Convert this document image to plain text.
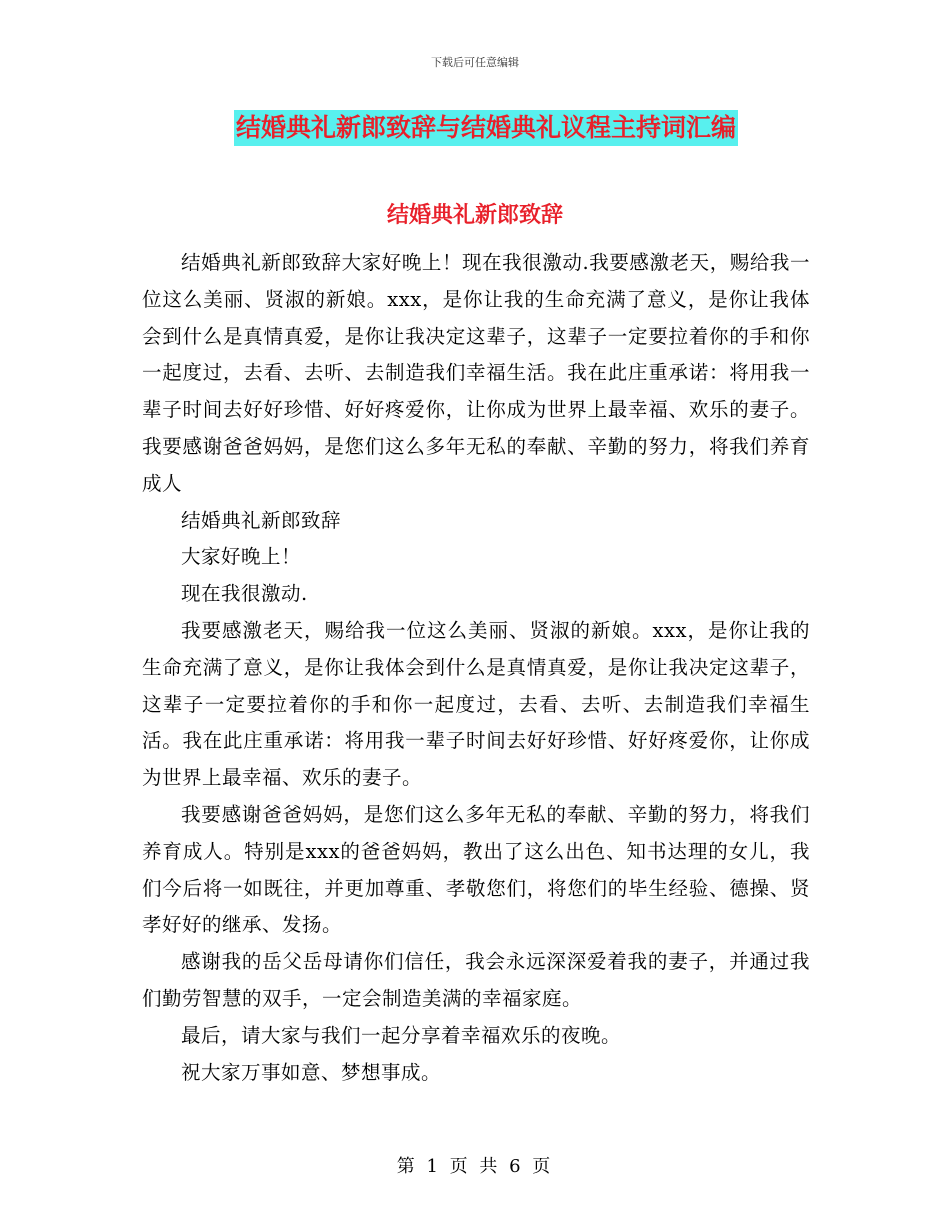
下载后可任意编辑
结婚典礼新郎致辞与结婚典礼议程主持词汇编
结婚典礼新郎致辞

结婚典礼新郎致辞大家好晚上！现在我很激动.我要感激老天，赐给我一位这么美丽、贤淑的新娘。xxx，是你让我的生命充满了意义，是你让我体会到什么是真情真爱，是你让我决定这辈子，这辈子一定要拉着你的手和你一起度过，去看、去听、去制造我们幸福生活。我在此庄重承诺：将用我一辈子时间去好好珍惜、好好疼爱你，让你成为世界上最幸福、欢乐的妻子。我要感谢爸爸妈妈，是您们这么多年无私的奉献、辛勤的努力，将我们养育成人

结婚典礼新郎致辞

大家好晚上！

现在我很激动.

我要感激老天，赐给我一位这么美丽、贤淑的新娘。xxx，是你让我的生命充满了意义，是你让我体会到什么是真情真爱，是你让我决定这辈子，这辈子一定要拉着你的手和你一起度过，去看、去听、去制造我们幸福生活。我在此庄重承诺：将用我一辈子时间去好好珍惜、好好疼爱你，让你成为世界上最幸福、欢乐的妻子。

我要感谢爸爸妈妈，是您们这么多年无私的奉献、辛勤的努力，将我们养育成人。特别是xxx的爸爸妈妈，教出了这么出色、知书达理的女儿，我们今后将一如既往，并更加尊重、孝敬您们，将您们的毕生经验、德操、贤孝好好的继承、发扬。

感谢我的岳父岳母请你们信任，我会永远深深爱着我的妻子，并通过我们勤劳智慧的双手，一定会制造美满的幸福家庭。

最后，请大家与我们一起分享着幸福欢乐的夜晚。

祝大家万事如意、梦想事成。

第 1 页 共 6 页
